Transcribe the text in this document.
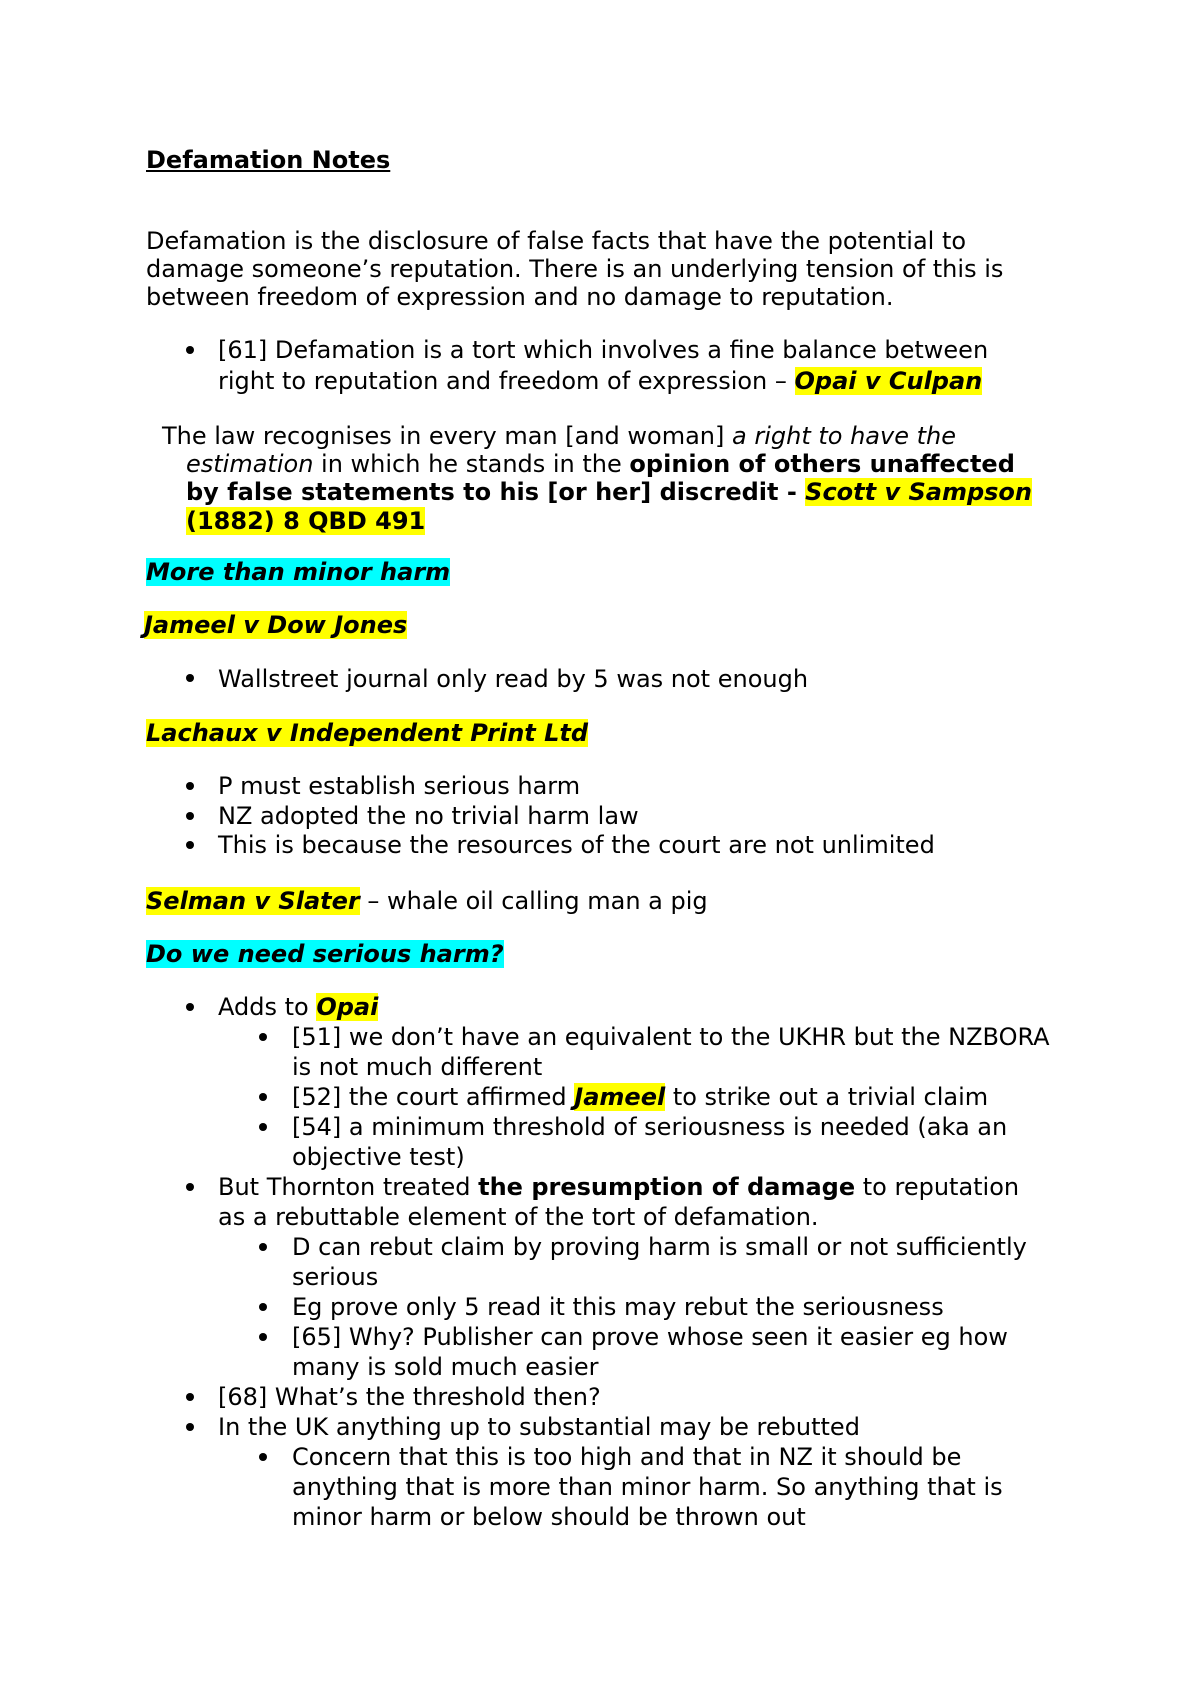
Defamation Notes
Defamation is the disclosure of false facts that have the potential to
damage someone’s reputation. There is an underlying tension of this is
between freedom of expression and no damage to reputation.
[61] Defamation is a tort which involves a fine balance between
right to reputation and freedom of expression – Opai v Culpan
The law recognises in every man [and woman] a right to have the
estimation in which he stands in the opinion of others unaffected
by false statements to his [or her] discredit - Scott v Sampson
(1882) 8 QBD 491
More than minor harm
Jameel v Dow Jones
Wallstreet journal only read by 5 was not enough
Lachaux v Independent Print Ltd
P must establish serious harm
NZ adopted the no trivial harm law
This is because the resources of the court are not unlimited
Selman v Slater – whale oil calling man a pig
Do we need serious harm?
Adds to Opai
[51] we don’t have an equivalent to the UKHR but the NZBORA
is not much different
[52] the court affirmed Jameel to strike out a trivial claim
[54] a minimum threshold of seriousness is needed (aka an
objective test)
But Thornton treated the presumption of damage to reputation
as a rebuttable element of the tort of defamation.
D can rebut claim by proving harm is small or not sufficiently
serious
Eg prove only 5 read it this may rebut the seriousness
[65] Why? Publisher can prove whose seen it easier eg how
many is sold much easier
[68] What’s the threshold then?
In the UK anything up to substantial may be rebutted
Concern that this is too high and that in NZ it should be
anything that is more than minor harm. So anything that is
minor harm or below should be thrown out
